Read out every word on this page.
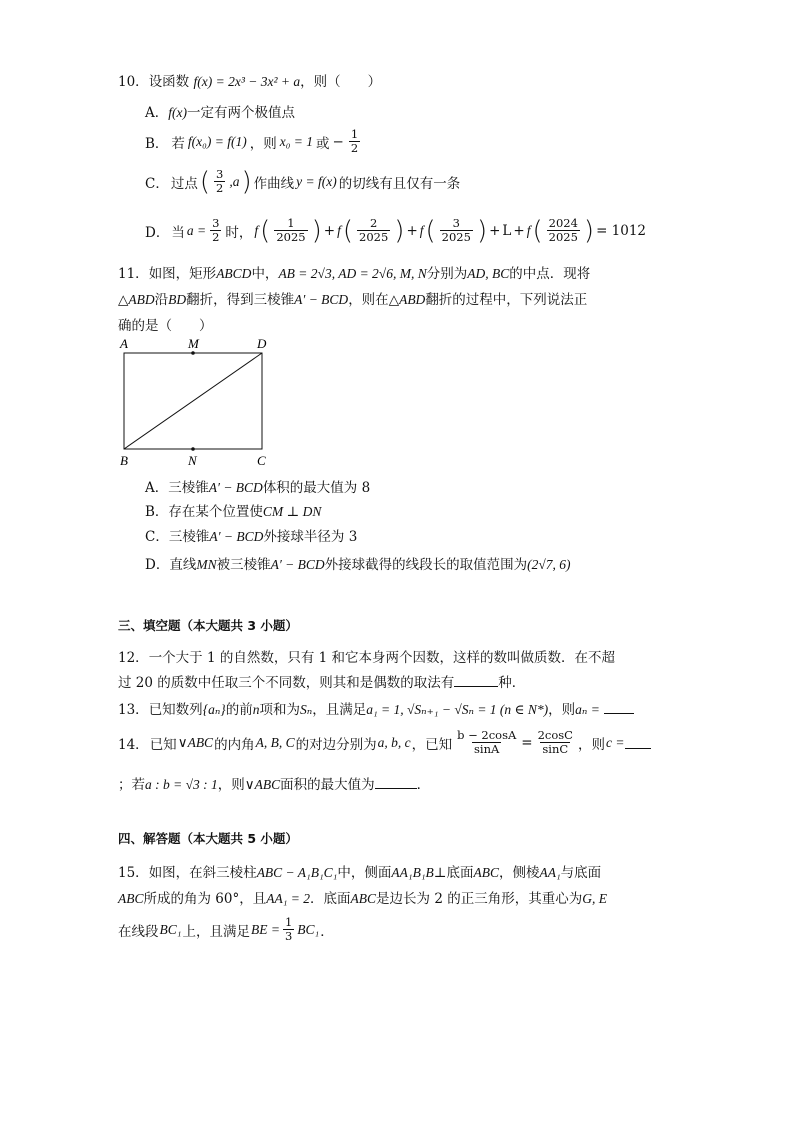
10．设函数 f(x) = 2x³ − 3x² + a，则（　　）
A．f(x)一定有两个极值点
B． 若 f(x₀) = f(1) ，则 x₀ = 1 或 − $\frac{1}{2}$
C． 过点 ( $\frac{3}{2} ,a$ ) 作曲线 y = f(x) 的切线有且仅有一条
D． 当 $a = \frac{3}{2}$ 时， f ( $\frac{1}{2025}$ ) + f ( $\frac{2}{2025}$ ) + f ( $\frac{3}{2025}$ ) + L + f ( $\frac{2024}{2025}$ ) = 1012
11．如图，矩形ABCD中，AB = 2√3, AD = 2√6, M, N分别为AD, BC的中点．现将
△ABD沿BD翻折，得到三棱锥A′ − BCD，则在△ABD翻折的过程中，下列说法正
确的是（　　）
A	M	D
B	N	C
A．三棱锥A′ − BCD体积的最大值为 8
B．存在某个位置使CM ⊥ DN
C．三棱锥A′ − BCD外接球半径为 3
D．直线MN被三棱锥A′ − BCD外接球截得的线段长的取值范围为(2√7, 6)
三、填空题（本大题共 3 小题）
12．一个大于 1 的自然数，只有 1 和它本身两个因数，这样的数叫做质数．在不超
过 20 的质数中任取三个不同数，则其和是偶数的取法有	种．
13．已知数列{aₙ}的前n项和为Sₙ，且满足a₁ = 1, √Sₙ₊₁ − √Sₙ = 1 (n ∈ N*)，则aₙ =
14． 已知 ∨ABC 的内角 A, B, C 的对边分别为 a, b, c ，已知 $\frac{b - 2\cos A}{\sin A} = \frac{2\cos C}{\sin C}$ ，则 c =
；若a : b = √3 : 1，则∨ABC面积的最大值为	．
四、解答题（本大题共 5 小题）
15．如图，在斜三棱柱ABC − A₁B₁C₁中，侧面AA₁B₁B⊥底面ABC，侧棱AA₁与底面
ABC所成的角为 60°，且AA₁ = 2．底面ABC是边长为 2 的正三角形，其重心为G, E
在线段 BC₁ 上，且满足 BE = $\frac{1}{3} BC_1$ ．
